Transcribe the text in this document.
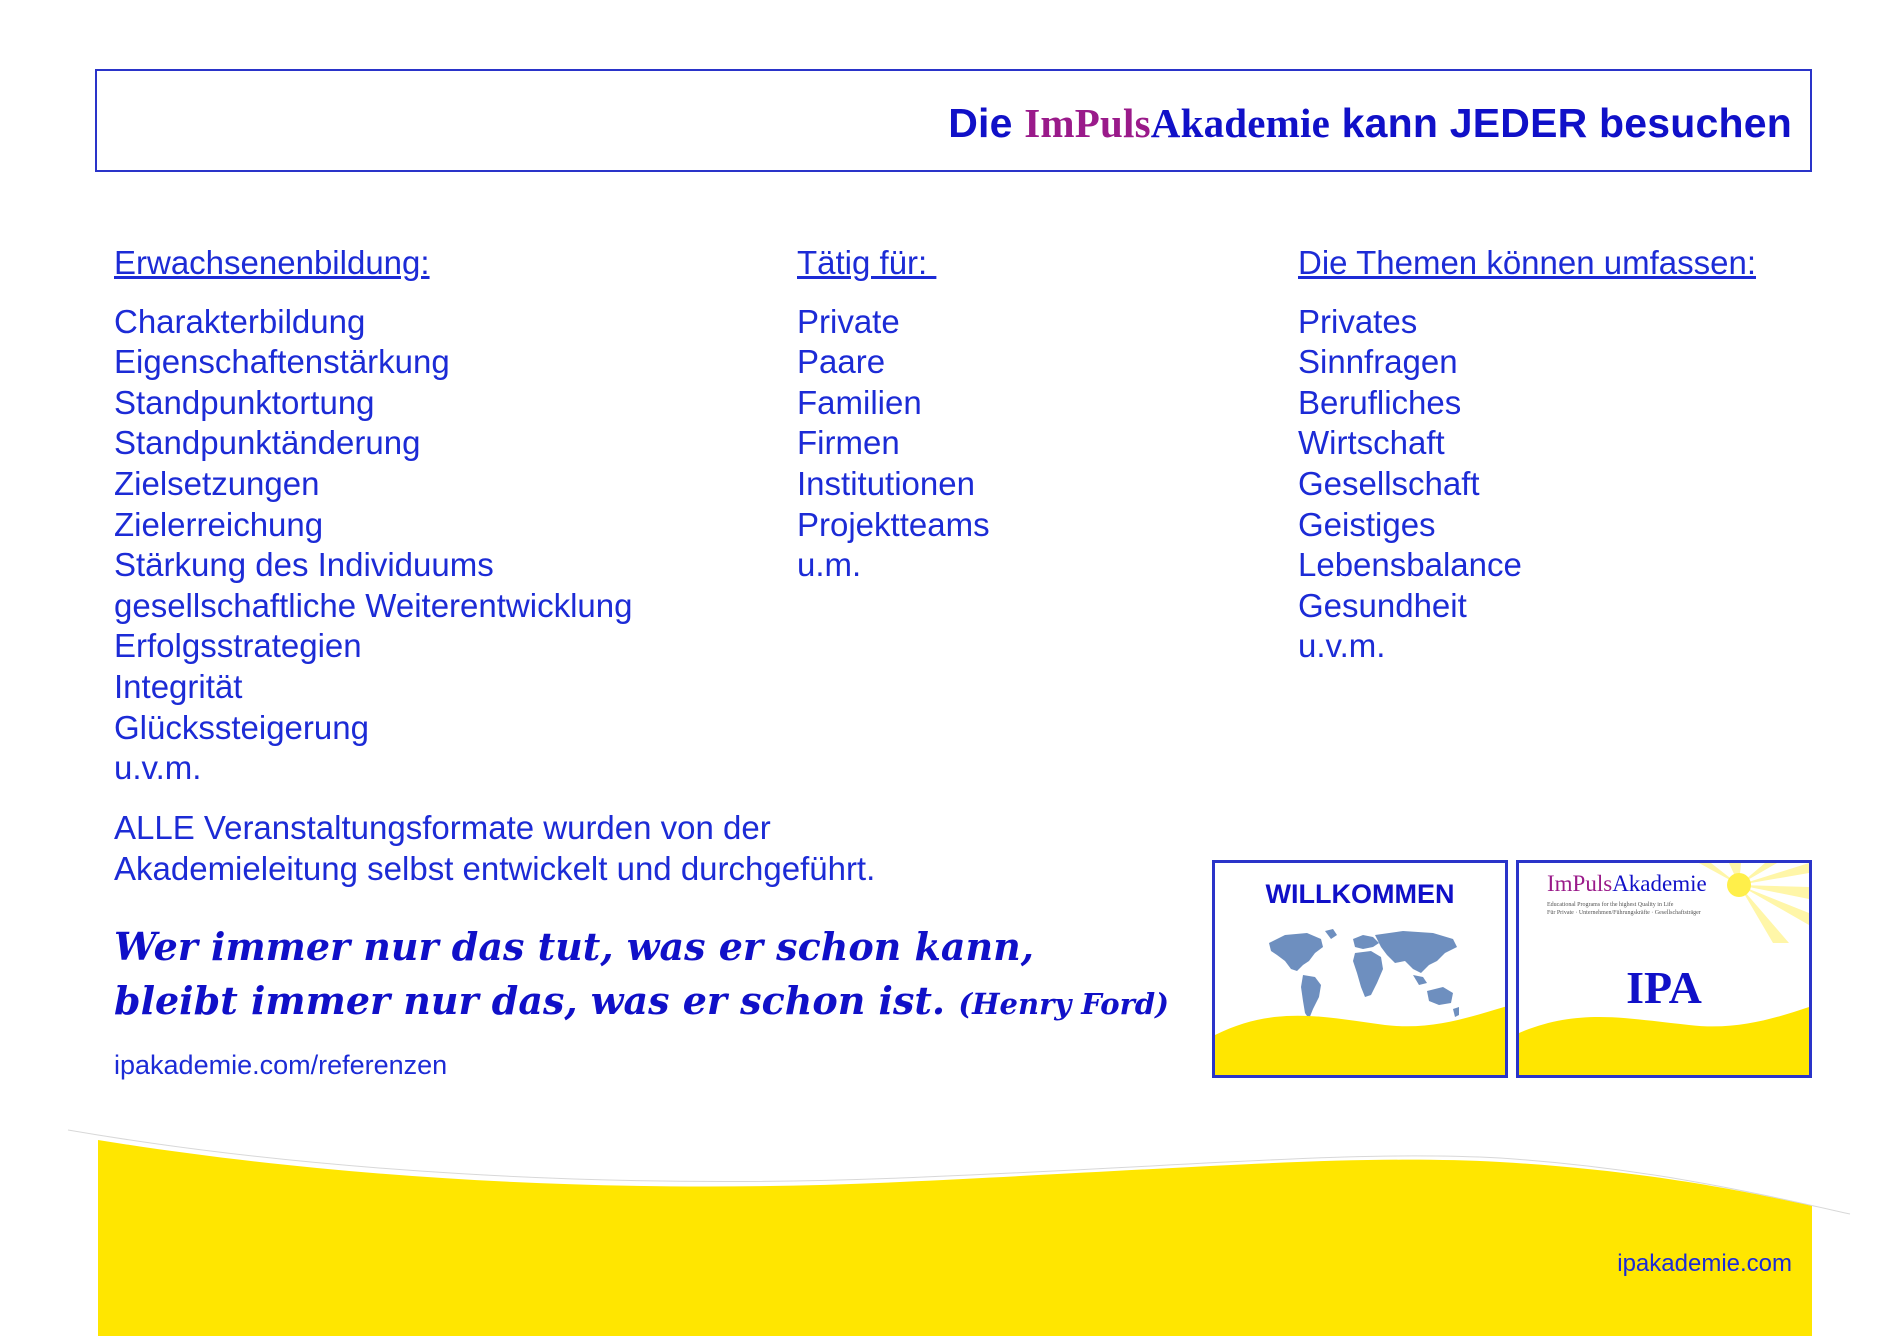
Die ImPulsAkademie kann JEDER besuchen
Erwachsenenbildung:
Charakterbildung
Eigenschaftenstärkung
Standpunktortung
Standpunktänderung
Zielsetzungen
Zielerreichung
Stärkung des Individuums
gesellschaftliche Weiterentwicklung
Erfolgsstrategien
Integrität
Glückssteigerung
u.v.m.
Tätig für:
Private
Paare
Familien
Firmen
Institutionen
Projektteams
u.m.
Die Themen können umfassen:
Privates
Sinnfragen
Berufliches
Wirtschaft
Gesellschaft
Geistiges
Lebensbalance
Gesundheit
u.v.m.
ALLE Veranstaltungsformate wurden von der
Akademieleitung selbst entwickelt und durchgeführt.
Wer immer nur das tut, was er schon kann,
bleibt immer nur das, was er schon ist. (Henry Ford)
ipakademie.com/referenzen
WILLKOMMEN	ImPulsAkademie
Educational Programs for the highest Quality in Life
Für Private · Unternehmen/Führungskräfte · Gesellschaftsträger
IPA
ipakademie.com
